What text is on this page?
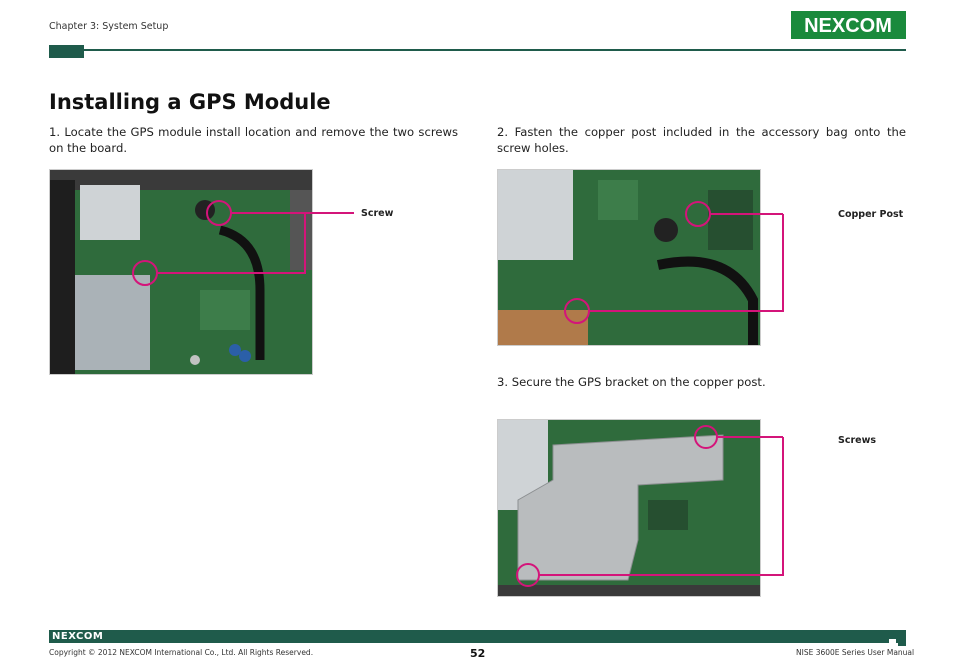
Chapter 3: System Setup	NEXCOM
Installing a GPS Module
1. Locate the GPS module install location and remove the two screws on the board.
Screw
2. Fasten the copper post included in the accessory bag onto the screw holes.
Copper Post
3. Secure the GPS bracket on the copper post.
Screws
NEXCOM
Copyright © 2012 NEXCOM International Co., Ltd. All Rights Reserved.	52	NISE 3600E Series User Manual
